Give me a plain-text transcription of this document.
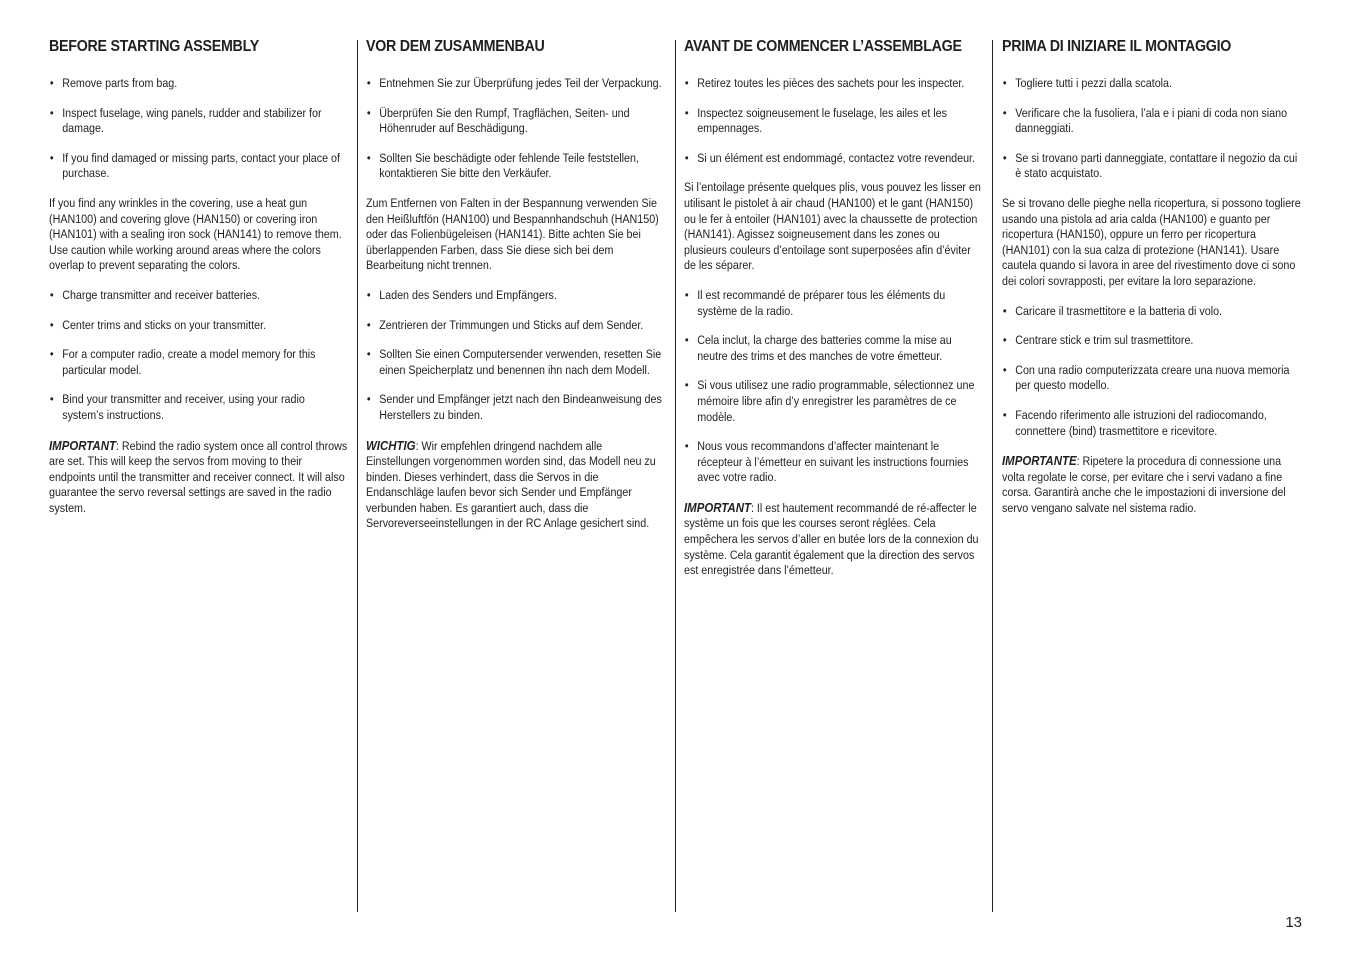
BEFORE STARTING ASSEMBLY
• Remove parts from bag.
• Inspect fuselage, wing panels, rudder and stabilizer for damage.
• If you find damaged or missing parts, contact your place of purchase.

If you find any wrinkles in the covering, use a heat gun (HAN100) and covering glove (HAN150) or covering iron (HAN101) with a sealing iron sock (HAN141) to remove them. Use caution while working around areas where the colors overlap to prevent separating the colors.

• Charge transmitter and receiver batteries.
• Center trims and sticks on your transmitter.
• For a computer radio, create a model memory for this particular model.
• Bind your transmitter and receiver, using your radio system’s instructions.

IMPORTANT: Rebind the radio system once all control throws are set. This will keep the servos from moving to their endpoints until the transmitter and receiver connect. It will also guarantee the servo reversal settings are saved in the radio system.

VOR DEM ZUSAMMENBAU
• Entnehmen Sie zur Überprüfung jedes Teil der Verpackung.
• Überprüfen Sie den Rumpf, Tragflächen, Seiten- und Höhenruder auf Beschädigung.
• Sollten Sie beschädigte oder fehlende Teile feststellen, kontaktieren Sie bitte den Verkäufer.

Zum Entfernen von Falten in der Bespannung verwenden Sie den Heißluftfön (HAN100) und Bespannhandschuh (HAN150) oder das Folienbügeleisen (HAN141). Bitte achten Sie bei überlappenden Farben, dass Sie diese sich bei dem Bearbeitung nicht trennen.

• Laden des Senders und Empfängers.
• Zentrieren der Trimmungen und Sticks auf dem Sender.
• Sollten Sie einen Computersender verwenden, resetten Sie einen Speicherplatz und benennen ihn nach dem Modell.
• Sender und Empfänger jetzt nach den Bindeanweisung des Herstellers zu binden.

WICHTIG: Wir empfehlen dringend nachdem alle Einstellungen vorgenommen worden sind, das Modell neu zu binden. Dieses verhindert, dass die Servos in die Endanschläge laufen bevor sich Sender und Empfänger verbunden haben. Es garantiert auch, dass die Servoreverseeinstellungen in der RC Anlage gesichert sind.

AVANT DE COMMENCER L’ASSEMBLAGE
• Retirez toutes les pièces des sachets pour les inspecter.
• Inspectez soigneusement le fuselage, les ailes et les empennages.
• Si un élément est endommagé, contactez votre revendeur.

Si l’entoilage présente quelques plis, vous pouvez les lisser en utilisant le pistolet à air chaud (HAN100) et le gant (HAN150) ou le fer à entoiler (HAN101) avec la chaussette de protection (HAN141). Agissez soigneusement dans les zones ou plusieurs couleurs d’entoilage sont superposées afin d’éviter de les séparer.

• Il est recommandé de préparer tous les éléments du système de la radio.
• Cela inclut, la charge des batteries comme la mise au neutre des trims et des manches de votre émetteur.
• Si vous utilisez une radio programmable, sélectionnez une mémoire libre afin d’y enregistrer les paramètres de ce modèle.
• Nous vous recommandons d’affecter maintenant le récepteur à l’émetteur en suivant les instructions fournies avec votre radio.

IMPORTANT: Il est hautement recommandé de ré-affecter le système un fois que les courses seront réglées. Cela empêchera les servos d’aller en butée lors de la connexion du système. Cela garantit également que la direction des servos est enregistrée dans l’émetteur.

PRIMA DI INIZIARE IL MONTAGGIO
• Togliere tutti i pezzi dalla scatola.
• Verificare che la fusoliera, l’ala e i piani di coda non siano danneggiati.
• Se si trovano parti danneggiate, contattare il negozio da cui è stato acquistato.

Se si trovano delle pieghe nella ricopertura, si possono togliere usando una pistola ad aria calda (HAN100) e guanto per ricopertura (HAN150), oppure un ferro per ricopertura (HAN101) con la sua calza di protezione (HAN141). Usare cautela quando si lavora in aree del rivestimento dove ci sono dei colori sovrapposti, per evitare la loro separazione.

• Caricare il trasmettitore e la batteria di volo.
• Centrare stick e trim sul trasmettitore.
• Con una radio computerizzata creare una nuova memoria per questo modello.
• Facendo riferimento alle istruzioni del radiocomando, connettere (bind) trasmettitore e ricevitore.

IMPORTANTE: Ripetere la procedura di connessione una volta regolate le corse, per evitare che i servi vadano a fine corsa. Garantirà anche che le impostazioni di inversione del servo vengano salvate nel sistema radio.

13
